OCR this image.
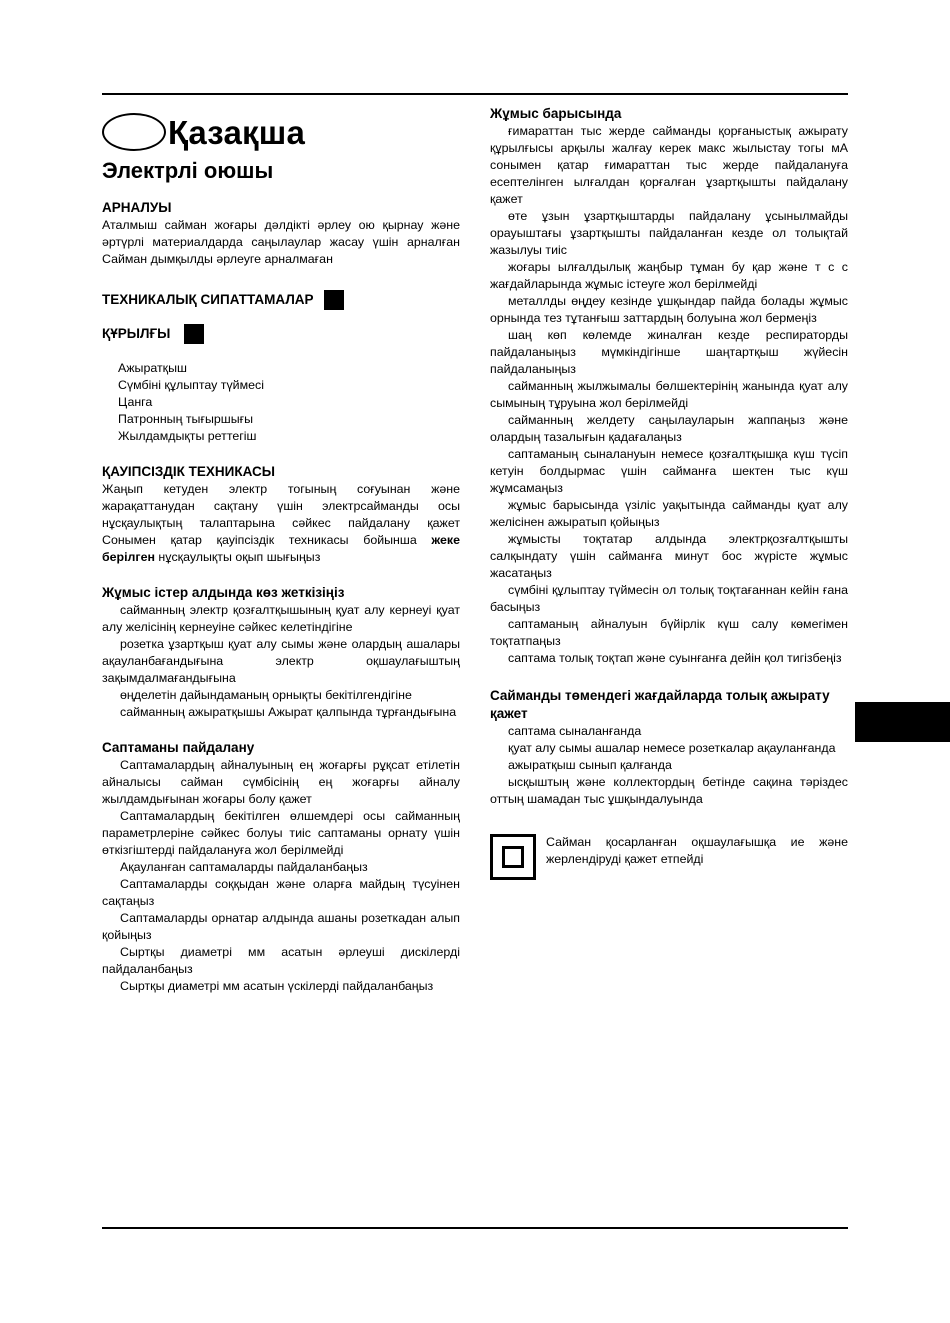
Қазақша
Электрлі оюшы
АРНАЛУЫ

Аталмыш сайман жоғары дәлдікті әрлеу ою қырнау және әртүрлі материалдарда саңылаулар жасау үшін арналған Сайман дымқылды әрлеуге арналмаған

ТЕХНИКАЛЫҚ СИПАТТАМАЛАР
ҚҰРЫЛҒЫ
Ажыратқыш
Сүмбіні құлыптау түймесі
Цанга
Патронның тығыршығы
Жылдамдықты реттегіш
ҚАУІПСІЗДІК ТЕХНИКАСЫ

Жаңып кетуден электр тогының соғуынан және жарақаттанудан сақтану үшін электрсайманды осы нұсқаулықтың талаптарына сәйкес пайдалану қажет Сонымен қатар қауіпсіздік техникасы бойынша жеке берілген нұсқаулықты оқып шығыңыз

Жұмыс істер алдында көз жеткізіңіз

сайманның электр қозғалтқышының қуат алу кернеуі қуат алу желісінің кернеуіне сәйкес келетіндігіне

розетка ұзартқыш қуат алу сымы және олардың ашалары ақауланбағандығына электр оқшаулағыштың зақымдалмағандығына

өңделетін дайындаманың орнықты бекітілгендігіне

сайманның ажыратқышы Ажырат қалпында тұрғандығына

Саптаманы пайдалану

Саптамалардың айналуының ең жоғарғы рұқсат етілетін айналысы сайман сүмбісінің ең жоғарғы айналу жылдамдығынан жоғары болу қажет

Саптамалардың бекітілген өлшемдері осы сайманның параметрлеріне сәйкес болуы тиіс саптаманы орнату үшін өткізгіштерді пайдалануға жол берілмейді

Ақауланған саптамаларды пайдаланбаңыз

Саптамаларды соққыдан және оларға майдың түсуінен сақтаңыз

Саптамаларды орнатар алдында ашаны розеткадан алып қойыңыз

Сыртқы диаметрі мм асатын әрлеуші дискілерді пайдаланбаңыз

Сыртқы диаметрі мм асатын үскілерді пайдаланбаңыз

Жұмыс барысында

ғимараттан тыс жерде сайманды қорғаныстық ажырату құрылғысы арқылы жалғау керек макс жылыстау тогы мА сонымен қатар ғимараттан тыс жерде пайдалануға есептелінген ылғалдан қорғалған ұзартқышты пайдалану қажет

өте ұзын ұзартқыштарды пайдалану ұсынылмайды орауыштағы ұзартқышты пайдаланған кезде ол толықтай жазылуы тиіс

жоғары ылғалдылық жаңбыр тұман бу қар және т с с жағдайларында жұмыс істеуге жол берілмейді

металлды өңдеу кезінде ұшқындар пайда болады жұмыс орнында тез тұтанғыш заттардың болуына жол бермеңіз

шаң көп көлемде жиналған кезде респираторды пайдаланыңыз мүмкіндігінше шаңтартқыш жүйесін пайдаланыңыз

сайманның жылжымалы бөлшектерінің жанында қуат алу сымының тұруына жол берілмейді

сайманның желдету саңылауларын жаппаңыз және олардың тазалығын қадағалаңыз

саптаманың сыналануын немесе қозғалтқышқа күш түсіп кетуін болдырмас үшін сайманға шектен тыс күш жұмсамаңыз

жұмыс барысында үзіліс уақытында сайманды қуат алу желісінен ажыратып қойыңыз

жұмысты тоқтатар алдында электрқозғалтқышты салқындату үшін сайманға минут бос жүрісте жұмыс жасатаңыз

сүмбіні құлыптау түймесін ол толық тоқтағаннан кейін ғана басыңыз

саптаманың айналуын бүйірлік күш салу көмегімен тоқтатпаңыз

саптама толық тоқтап және суынғанға дейін қол тигізбеңіз

Сайманды төмендегі жағдайларда толық ажырату қажет

саптама сыналанғанда

қуат алу сымы ашалар немесе розеткалар ақауланғанда

ажыратқыш сынып қалғанда

ысқыштың және коллектордың бетінде сақина тәріздес оттың шамадан тыс ұшқындалуында

Сайман қосарланған оқшаулағышқа ие және жерлендіруді қажет етпейді
